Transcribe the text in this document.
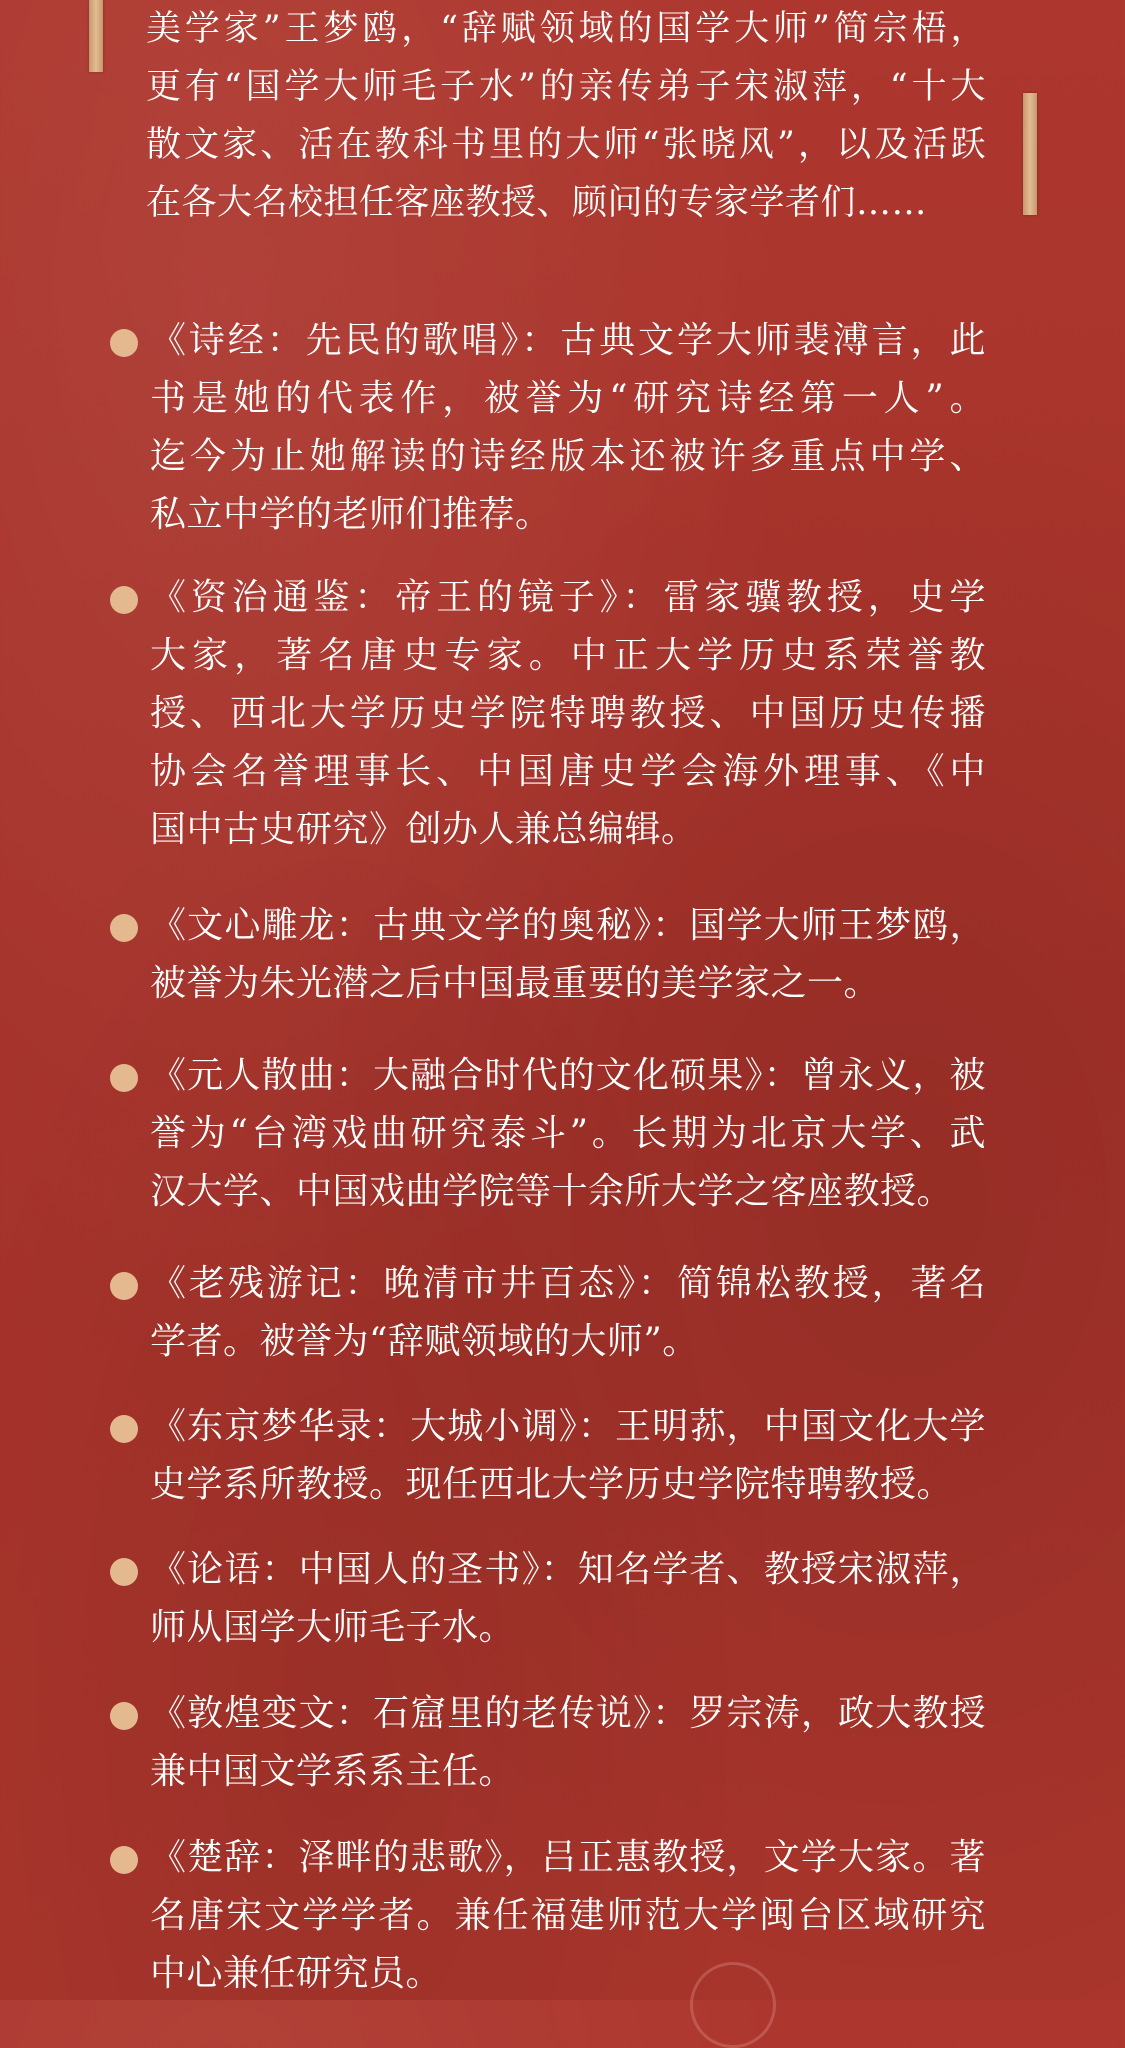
美学家”王梦鸥，“辞赋领域的国学大师”简宗梧，
更有“国学大师毛子水”的亲传弟子宋淑萍，“十大
散文家、活在教科书里的大师“张晓风”，以及活跃
在各大名校担任客座教授、顾问的专家学者们……
《诗经：先民的歌唱》：古典文学大师裴溥言，此
书是她的代表作，被誉为“研究诗经第一人”。
迄今为止她解读的诗经版本还被许多重点中学、
私立中学的老师们推荐。
《资治通鉴：帝王的镜子》：雷家骥教授，史学
大家，著名唐史专家。中正大学历史系荣誉教
授、西北大学历史学院特聘教授、中国历史传播
协会名誉理事长、中国唐史学会海外理事、《中
国中古史研究》创办人兼总编辑。
《文心雕龙：古典文学的奥秘》：国学大师王梦鸥，
被誉为朱光潜之后中国最重要的美学家之一。
《元人散曲：大融合时代的文化硕果》：曾永义，被
誉为“台湾戏曲研究泰斗”。长期为北京大学、武
汉大学、中国戏曲学院等十余所大学之客座教授。
《老残游记：晚清市井百态》：简锦松教授，著名
学者。被誉为“辞赋领域的大师”。
《东京梦华录：大城小调》：王明荪，中国文化大学
史学系所教授。现任西北大学历史学院特聘教授。
《论语：中国人的圣书》：知名学者、教授宋淑萍，
师从国学大师毛子水。
《敦煌变文：石窟里的老传说》：罗宗涛，政大教授
兼中国文学系系主任。
《楚辞：泽畔的悲歌》，吕正惠教授，文学大家。著
名唐宋文学学者。兼任福建师范大学闽台区域研究
中心兼任研究员。
